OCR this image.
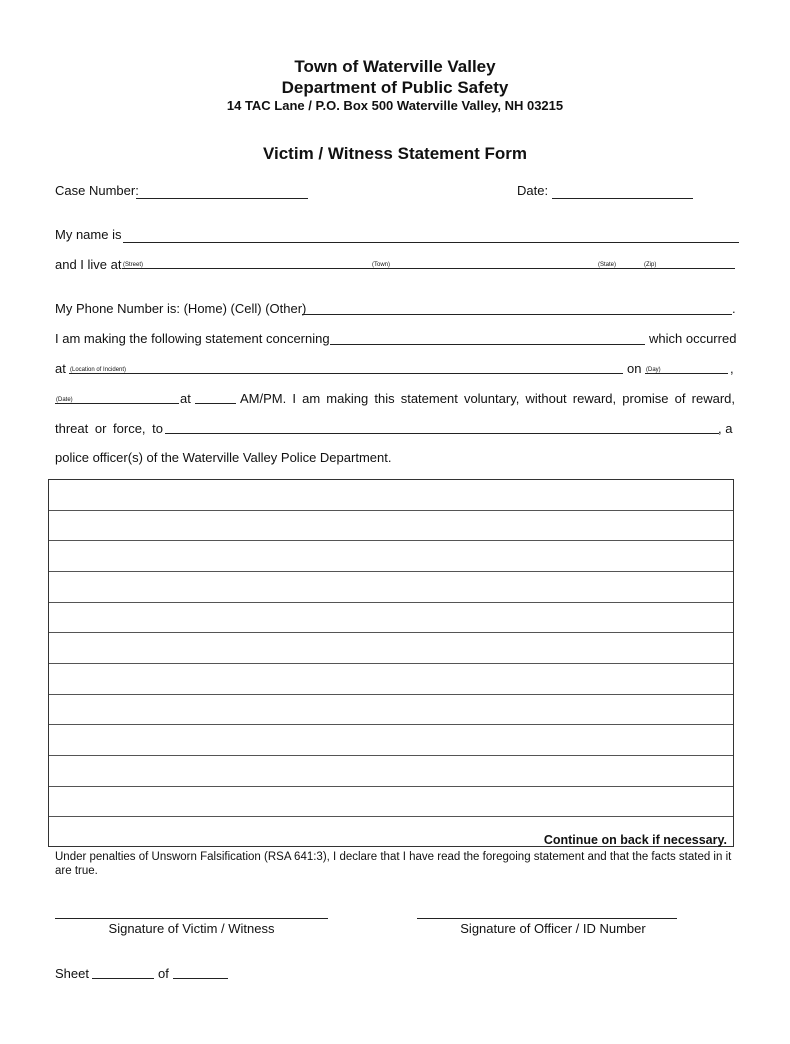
Town of Waterville Valley
Department of Public Safety
14 TAC Lane / P.O. Box 500 Waterville Valley, NH 03215
Victim / Witness Statement Form
Case Number:	Date:
My name is
and I live at (Street)	(Town)	(State)	(Zip)
My Phone Number is: (Home) (Cell) (Other)	.
I am making the following statement concerning	which occurred
at (Location of Incident)	on (Day)	,
(Date)	at	AM/PM. I am making this statement voluntary, without reward, promise of reward,
threat or force, to	, a
police officer(s) of the Waterville Valley Police Department.
Continue on back if necessary.
Under penalties of Unsworn Falsification (RSA 641:3), I declare that I have read the foregoing statement and that the facts stated in it are true.
Signature of Victim / Witness	Signature of Officer / ID Number
Sheet	of
